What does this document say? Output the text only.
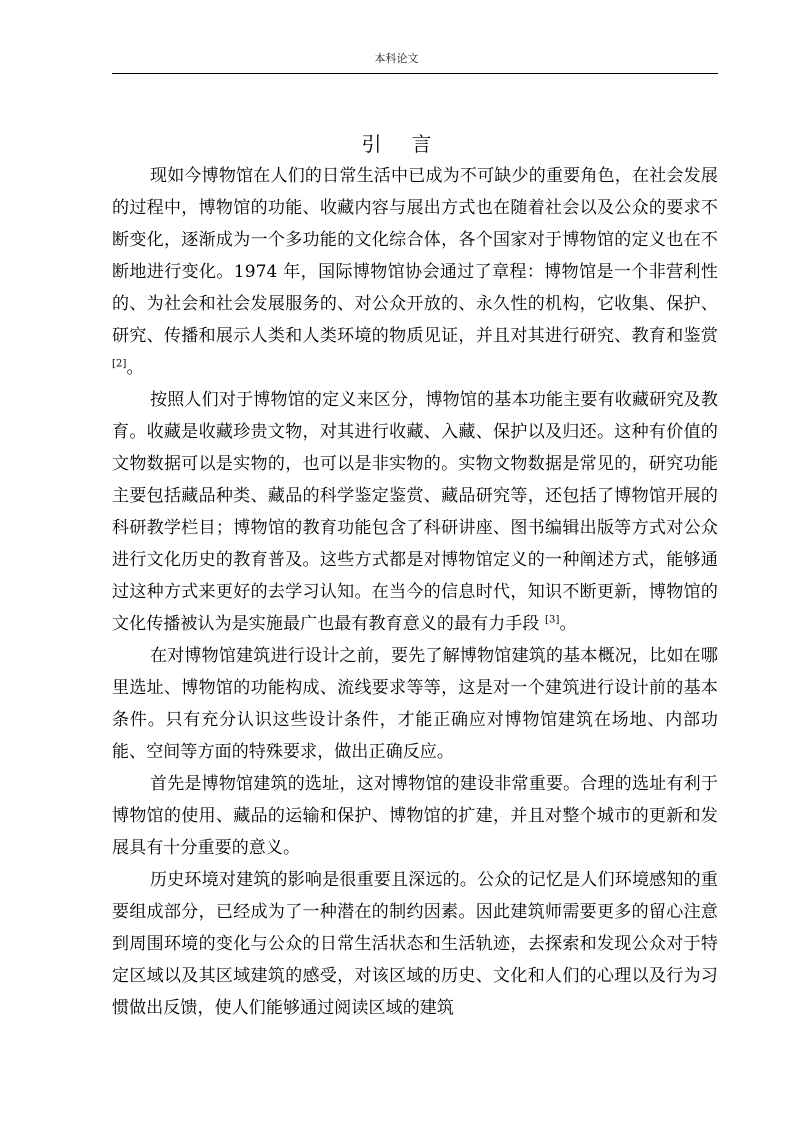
本科论文
引言

现如今博物馆在人们的日常生活中已成为不可缺少的重要角色，在社会发展的过程中，博物馆的功能、收藏内容与展出方式也在随着社会以及公众的要求不断变化，逐渐成为一个多功能的文化综合体，各个国家对于博物馆的定义也在不断地进行变化。1974 年，国际博物馆协会通过了章程：博物馆是一个非营利性的、为社会和社会发展服务的、对公众开放的、永久性的机构，它收集、保护、研究、传播和展示人类和人类环境的物质见证，并且对其进行研究、教育和鉴赏[2]。

按照人们对于博物馆的定义来区分，博物馆的基本功能主要有收藏研究及教育。收藏是收藏珍贵文物，对其进行收藏、入藏、保护以及归还。这种有价值的文物数据可以是实物的，也可以是非实物的。实物文物数据是常见的，研究功能主要包括藏品种类、藏品的科学鉴定鉴赏、藏品研究等，还包括了博物馆开展的科研教学栏目；博物馆的教育功能包含了科研讲座、图书编辑出版等方式对公众进行文化历史的教育普及。这些方式都是对博物馆定义的一种阐述方式，能够通过这种方式来更好的去学习认知。在当今的信息时代，知识不断更新，博物馆的文化传播被认为是实施最广也最有教育意义的最有力手段 [3]。

在对博物馆建筑进行设计之前，要先了解博物馆建筑的基本概况，比如在哪里选址、博物馆的功能构成、流线要求等等，这是对一个建筑进行设计前的基本条件。只有充分认识这些设计条件，才能正确应对博物馆建筑在场地、内部功能、空间等方面的特殊要求，做出正确反应。

首先是博物馆建筑的选址，这对博物馆的建设非常重要。合理的选址有利于博物馆的使用、藏品的运输和保护、博物馆的扩建，并且对整个城市的更新和发展具有十分重要的意义。

历史环境对建筑的影响是很重要且深远的。公众的记忆是人们环境感知的重要组成部分，已经成为了一种潜在的制约因素。因此建筑师需要更多的留心注意到周围环境的变化与公众的日常生活状态和生活轨迹，去探索和发现公众对于特定区域以及其区域建筑的感受，对该区域的历史、文化和人们的心理以及行为习惯做出反馈，使人们能够通过阅读区域的建筑
